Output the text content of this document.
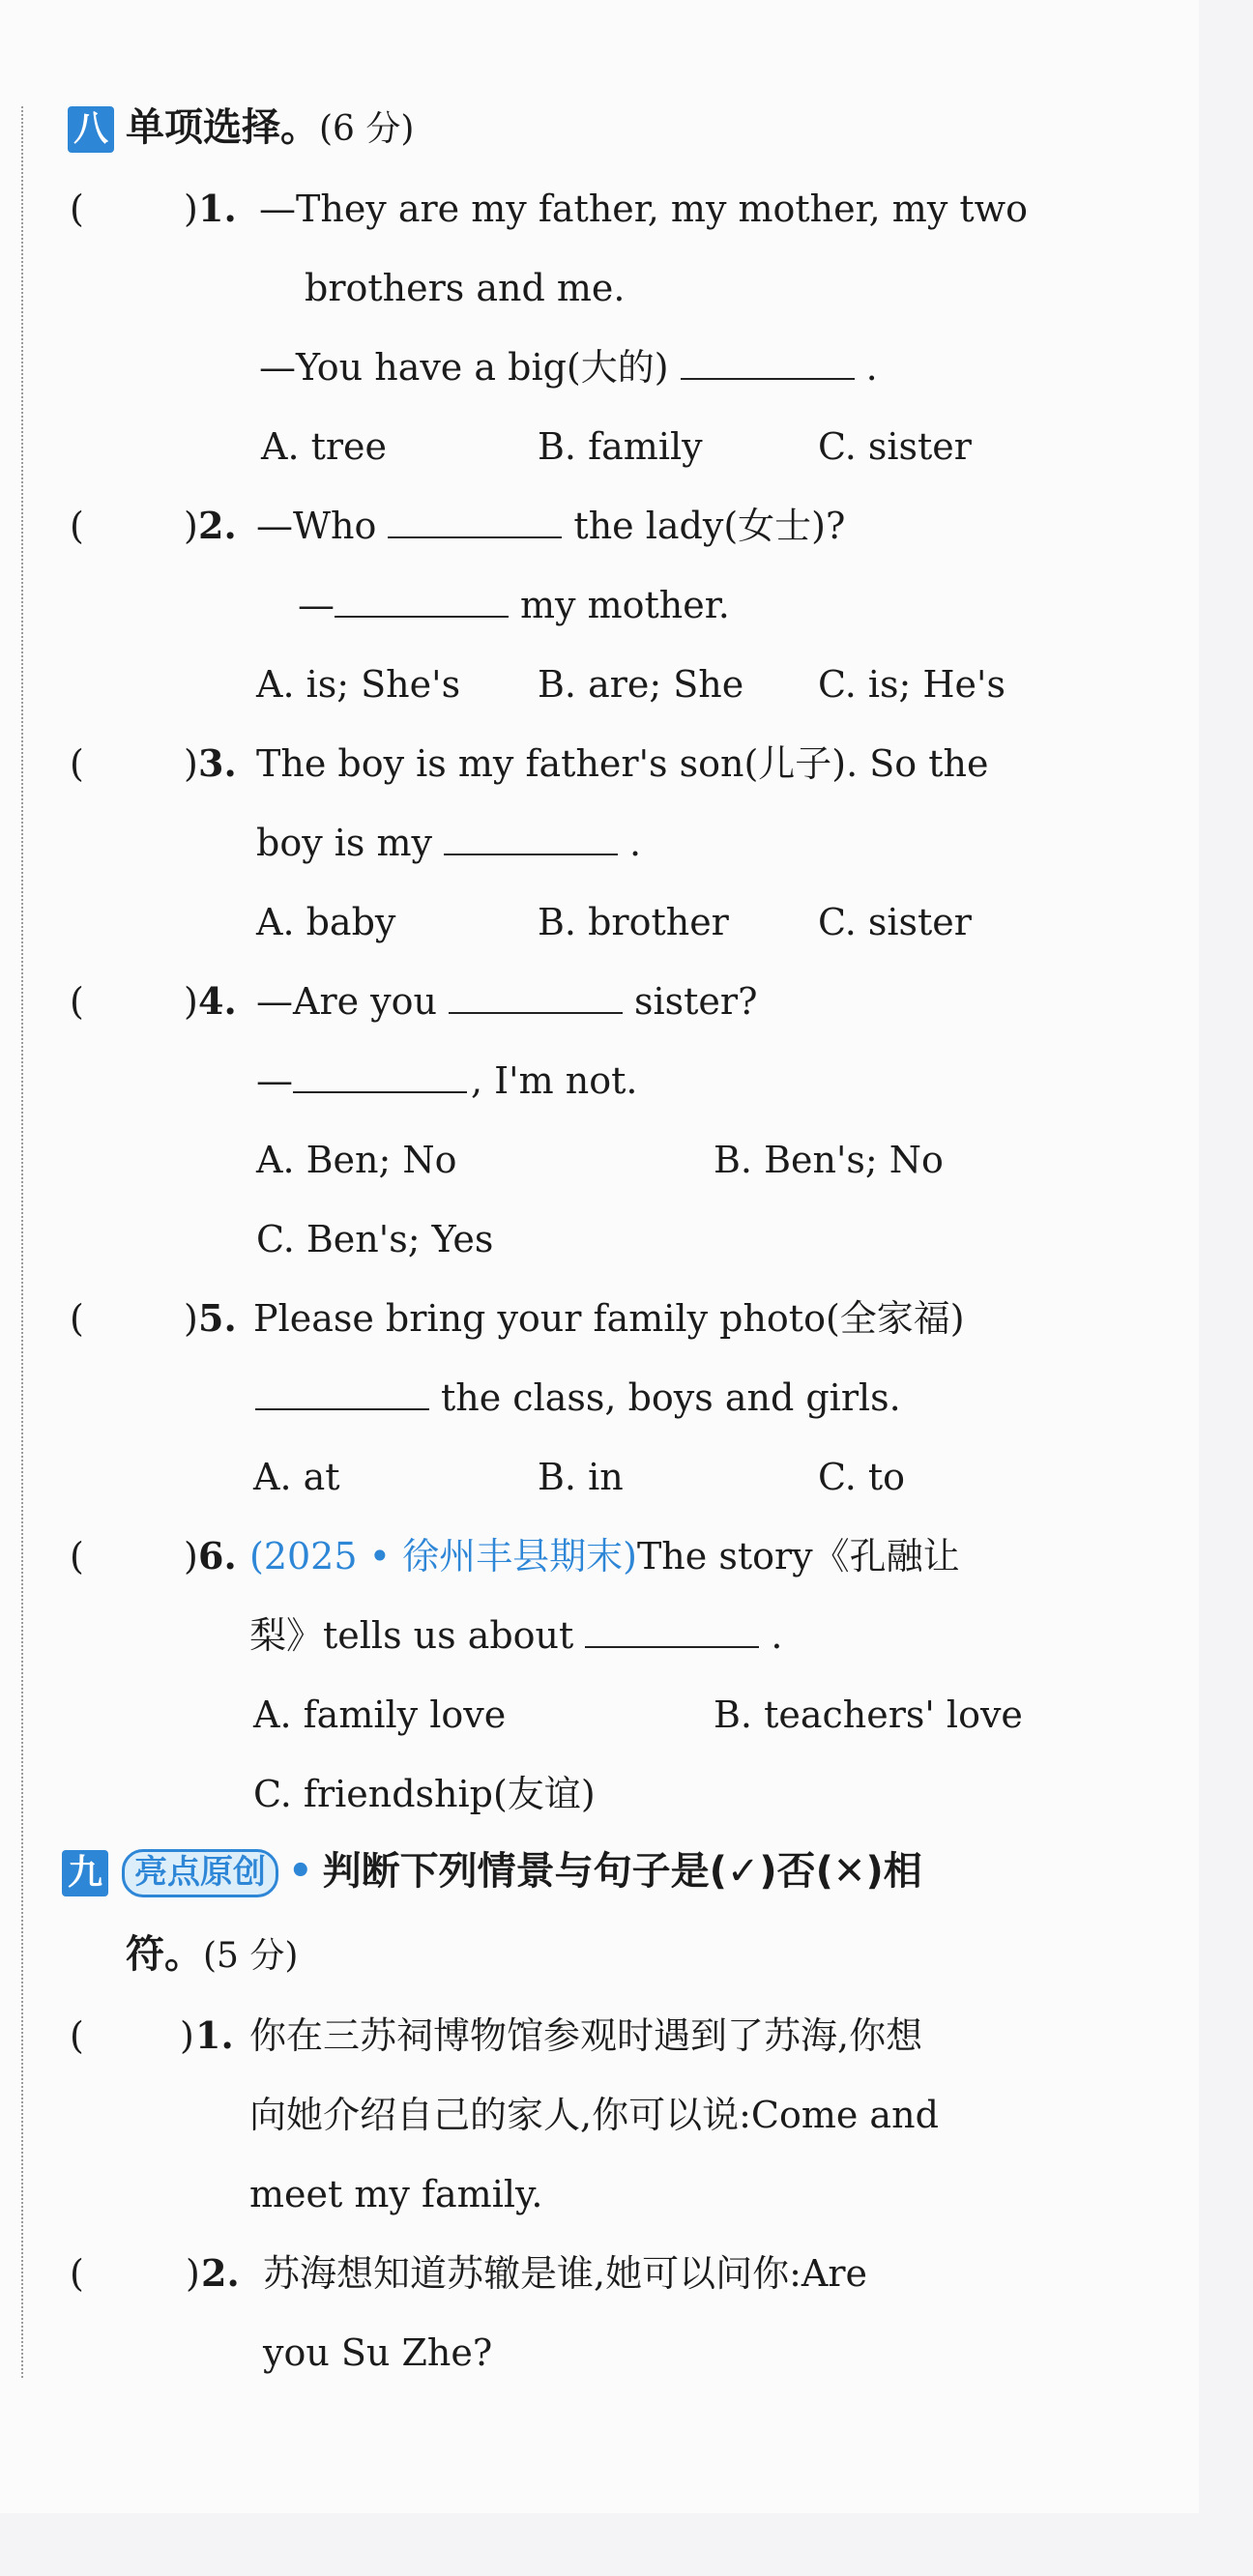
八 单项选择。(6 分)
(	) 1. —They are my father, my mother, my two
brothers and me.
—You have a big(大的)	.
A. tree	B. family	C. sister
(	) 2. —Who	the lady(女士)?
—	my mother.
A. is; She's B. are; She C. is; He's
(	) 3. The boy is my father's son(儿子). So the
boy is my	.
A. baby	B. brother C. sister
(	) 4. —Are you	sister?
—	, I'm not.
A. Ben; No	B. Ben's; No
C. Ben's; Yes
(	) 5. Please bring your family photo(全家福)
the class, boys and girls.
A. at	B. in	C. to
(	) 6. (2025 • 徐州丰县期末)The story《孔融让
梨》tells us about	.
A. family love	B. teachers' love
C. friendship(友谊)
九 亮点原创 • 判断下列情景与句子是(✓)否(✕)相
符。(5 分)
(	) 1. 你在三苏祠博物馆参观时遇到了苏海,你想
向她介绍自己的家人,你可以说:Come and
meet my family.
(	) 2. 苏海想知道苏辙是谁,她可以问你:Are
you Su Zhe?
